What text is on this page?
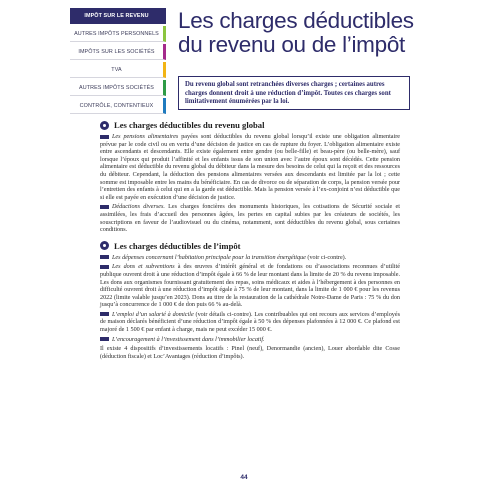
IMPÔT SUR LE REVENU
AUTRES IMPÔTS PERSONNELS
IMPÔTS SUR LES SOCIÉTÉS
TVA
AUTRES IMPÔTS SOCIÉTÉS
CONTRÔLE, CONTENTIEUX
Les charges déductibles
du revenu ou de l’impôt
Du revenu global sont retranchées diverses charges ; certaines autres charges donnent droit à une réduction d’impôt. Toutes ces charges sont limitativement énumérées par la loi.
Les charges déductibles du revenu global

Les pensions alimentaires payées sont déductibles du revenu global lorsqu’il existe une obligation alimentaire prévue par le code civil ou en vertu d’une décision de justice en cas de rupture du foyer. L’obligation alimentaire existe entre ascendants et descendants. Elle existe également entre gendre (ou belle-fille) et beau-père (ou belle-mère), sauf lorsque l’époux qui produit l’affinité et les enfants issus de son union avec l’autre époux sont décédés. Cette pension alimentaire est déductible du revenu global du débiteur dans la mesure des besoins de celui qui la reçoit et des ressources du débiteur. Cependant, la déduction des pensions alimentaires versées aux descendants est limitée par la loi ; cette somme est imposable entre les mains du bénéficiaire. En cas de divorce ou de séparation de corps, la pension versée pour l’entretien des enfants à celui qui en a la garde est déductible. Mais la pension versée à l’ex-conjoint n’est déductible que si elle est payée en exécution d’une décision de justice.

Déductions diverses. Les charges foncières des monuments historiques, les cotisations de Sécurité sociale et assimilées, les frais d’accueil des personnes âgées, les pertes en capital subies par les créateurs de sociétés, les souscriptions en faveur de l’audiovisuel ou du cinéma, notamment, sont déductibles du revenu global, sous certaines conditions.

Les charges déductibles de l’impôt

Les dépenses concernant l’habitation principale pour la transition énergétique (voir ci-contre).

Les dons et subventions à des œuvres d’intérêt général et de fondations ou d’associations reconnues d’utilité publique ouvrent droit à une réduction d’impôt égale à 66 % de leur montant dans la limite de 20 % du revenu imposable. Les dons aux organismes fournissant gratuitement des repas, soins médicaux et aides à l’hébergement à des personnes en difficulté ouvrent droit à une réduction d’impôt égale à 75 % de leur montant, dans la limite de 1 000 € pour les revenus 2022 (limite valable jusqu’en 2023). Dons au titre de la restauration de la cathédrale Notre-Dame de Paris : 75 % du don jusqu’à concurrence de 1 000 € de don puis 66 % au-delà.

L’emploi d’un salarié à domicile (voir détails ci-contre). Les contribuables qui ont recours aux services d’employés de maison déclarés bénéficient d’une réduction d’impôt égale à 50 % des dépenses plafonnées à 12 000 €. Ce plafond est majoré de 1 500 € par enfant à charge, mais ne peut excéder 15 000 €.

L’encouragement à l’investissement dans l’immobilier locatif.

Il existe 4 dispositifs d’investissements locatifs : Pinel (neuf), Denormandie (ancien), Louer abordable dite Cosse (déduction fiscale) et Loc’Avantages (réduction d’impôts).

44
